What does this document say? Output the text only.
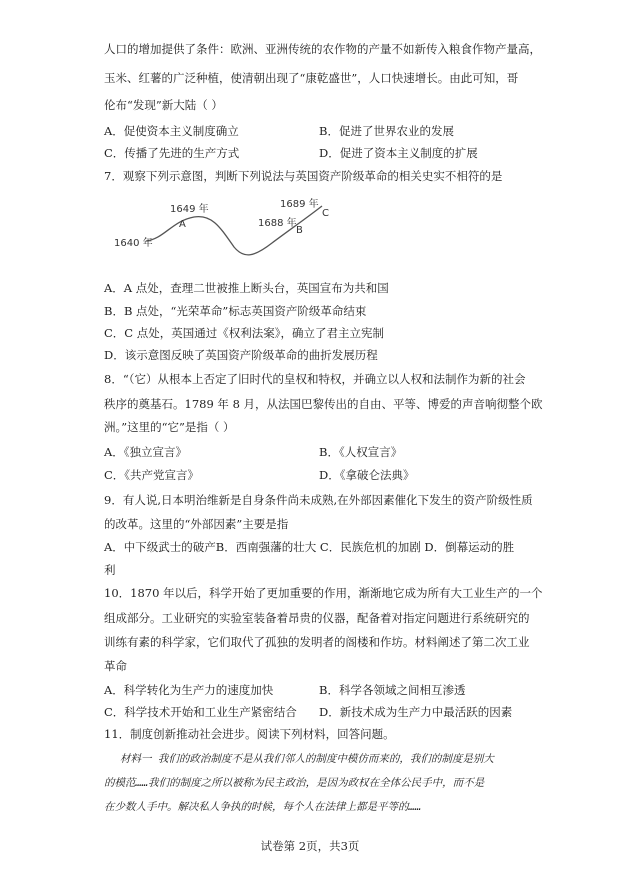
人口的增加提供了条件：欧洲、亚洲传统的农作物的产量不如新传入粮食作物产量高，
玉米、红薯的广泛种植，使清朝出现了“康乾盛世”，人口快速增长。由此可知，哥
伦布“发现”新大陆（ ）
A．促使资本主义制度确立	B．促进了世界农业的发展
C．传播了先进的生产方式	D．促进了资本主义制度的扩展
7．观察下列示意图，判断下列说法与英国资产阶级革命的相关史实不相符的是
1640 年
1649 年
A	1688 年
B
1689 年
C
A．A 点处，查理二世被推上断头台，英国宣布为共和国
B．B 点处，“光荣革命”标志英国资产阶级革命结束
C．C 点处，英国通过《权利法案》，确立了君主立宪制
D．该示意图反映了英国资产阶级革命的曲折发展历程
8．“（它）从根本上否定了旧时代的皇权和特权，并确立以人权和法制作为新的社会
秩序的奠基石。1789 年 8 月，从法国巴黎传出的自由、平等、博爱的声音响彻整个欧
洲。”这里的“它”是指（ ）
A．《独立宣言》	B．《人权宣言》
C．《共产党宣言》	D．《拿破仑法典》
9．有人说,日本明治维新是自身条件尚未成熟,在外部因素催化下发生的资产阶级性质
的改革。这里的“外部因素”主要是指
A．中下级武士的破产B．西南强藩的壮大 C．民族危机的加剧 D．倒幕运动的胜
利
10．1870 年以后，科学开始了更加重要的作用，渐渐地它成为所有大工业生产的一个
组成部分。工业研究的实验室装备着昂贵的仪器，配备着对指定问题进行系统研究的
训练有素的科学家，它们取代了孤独的发明者的阁楼和作坊。材料阐述了第二次工业
革命
A．科学转化为生产力的速度加快	B．科学各领域之间相互渗透
C．科学技术开始和工业生产紧密结合 D．新技术成为生产力中最活跃的因素
11．制度创新推动社会进步。阅读下列材料，回答问题。
材料一 我们的政治制度不是从我们邻人的制度中模仿而来的，我们的制度是别大
的模范……我们的制度之所以被称为民主政治，是因为政权在全体公民手中，而不是
在少数人手中。解决私人争执的时候，每个人在法律上都是平等的……
试卷第 2页，共3页
